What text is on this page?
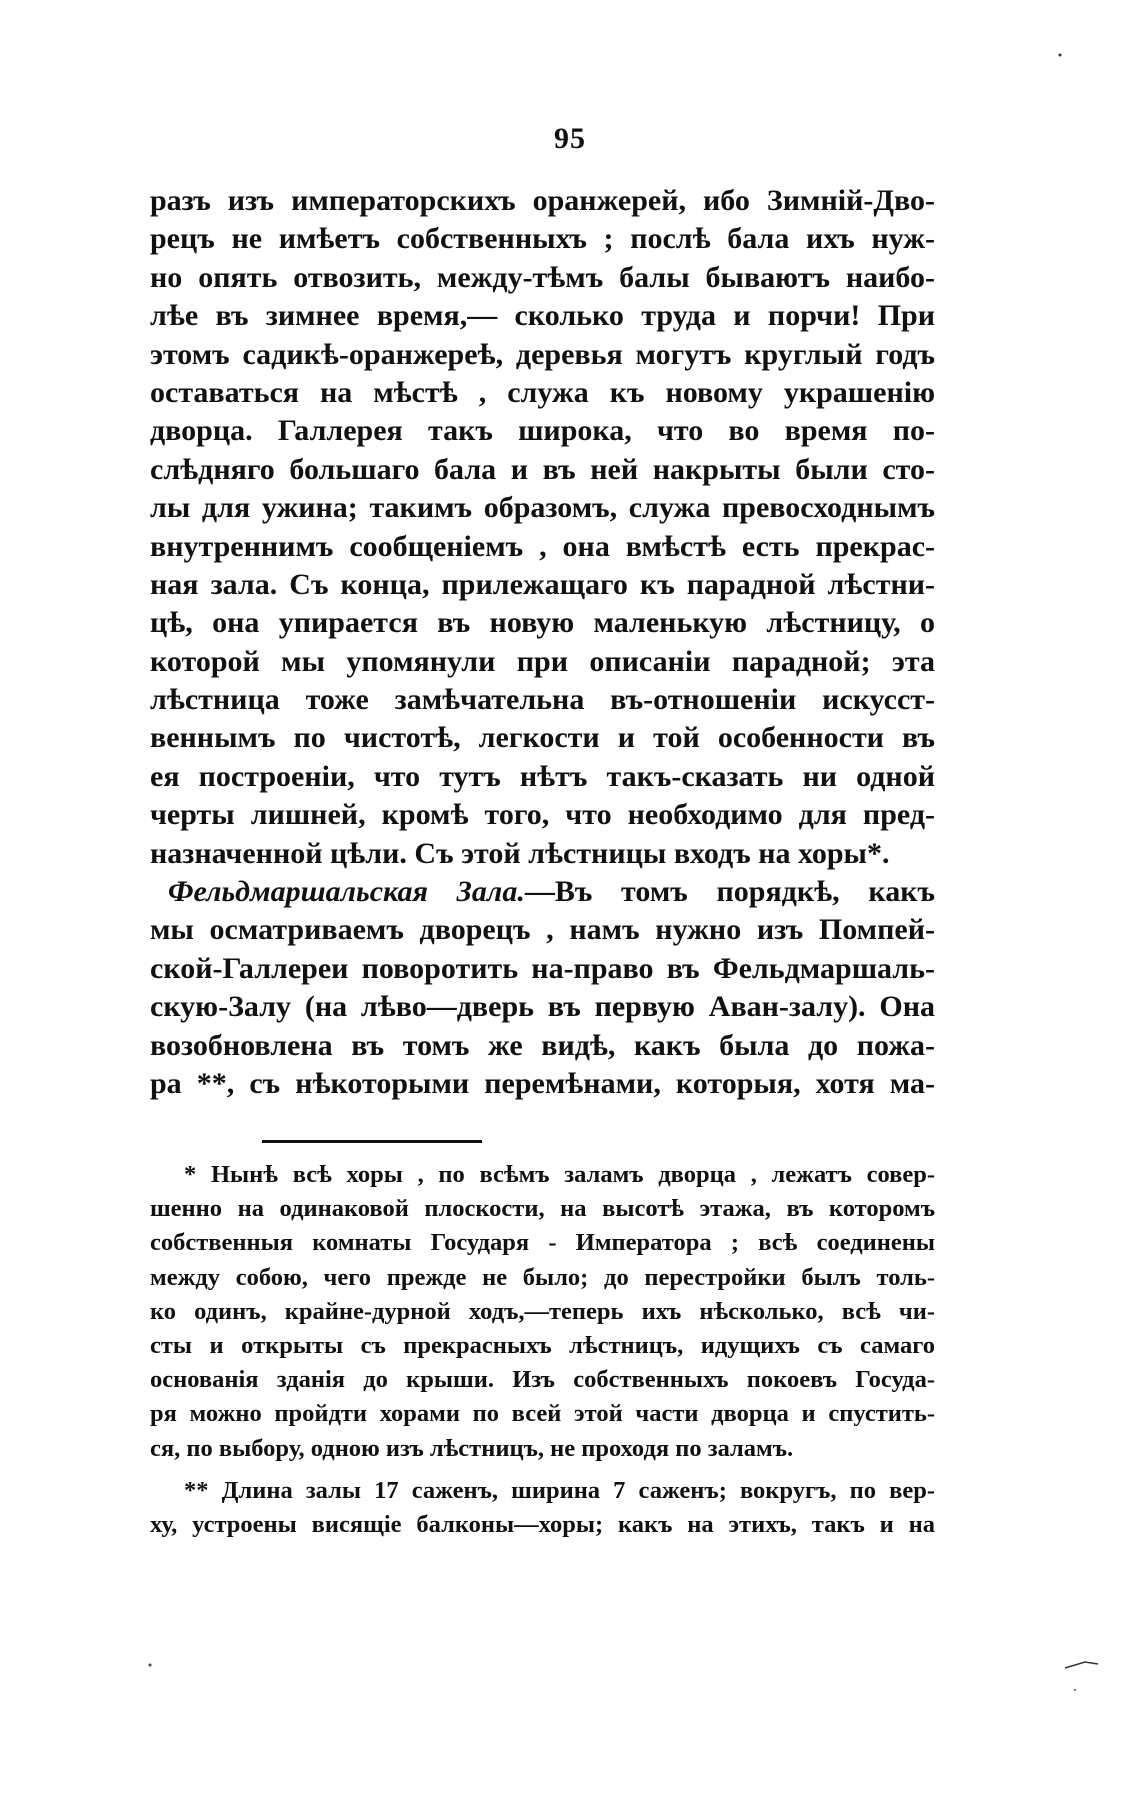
95
разъ изъ императорскихъ оранжерей, ибо Зимній-Дво-
рецъ не имѣетъ собственныхъ ; послѣ бала ихъ нуж-
но опять отвозить, между-тѣмъ балы бываютъ наибо-
лѣе въ зимнее время,— сколько труда и порчи! При
этомъ садикѣ-оранжереѣ, деревья могутъ круглый годъ
оставаться на мѣстѣ , служа къ новому украшенію
дворца. Галлерея такъ широка, что во время по-
слѣдняго большаго бала и въ ней накрыты были сто-
лы для ужина; такимъ образомъ, служа превосходнымъ
внутреннимъ сообщеніемъ , она вмѣстѣ есть прекрас-
ная зала. Съ конца, прилежащаго къ парадной лѣстни-
цѣ, она упирается въ новую маленькую лѣстницу, о
которой мы упомянули при описаніи парадной; эта
лѣстница тоже замѣчательна въ-отношеніи искусст-
веннымъ по чистотѣ, легкости и той особенности въ
ея построеніи, что тутъ нѣтъ такъ-сказать ни одной
черты лишней, кромѣ того, что необходимо для пред-
назначенной цѣли. Съ этой лѣстницы входъ на хоры*.
Фельдмаршальская Зала.—Въ томъ порядкѣ, какъ
мы осматриваемъ дворецъ , намъ нужно изъ Помпей-
ской-Галлереи поворотить на-право въ Фельдмаршаль-
скую-Залу (на лѣво—дверь въ первую Аван-залу). Она
возобновлена въ томъ же видѣ, какъ была до пожа-
ра **, съ нѣкоторыми перемѣнами, которыя, хотя ма-
* Нынѣ всѣ хоры , по всѣмъ заламъ дворца , лежатъ совер-
шенно на одинаковой плоскости, на высотѣ этажа, въ которомъ
собственныя комнаты Государя - Императора ; всѣ соединены
между собою, чего прежде не было; до перестройки былъ толь-
ко одинъ, крайне-дурной ходъ,—теперь ихъ нѣсколько, всѣ чи-
сты и открыты съ прекрасныхъ лѣстницъ, идущихъ съ самаго
основанія зданія до крыши. Изъ собственныхъ покоевъ Госуда-
ря можно пройдти хорами по всей этой части дворца и спустить-
ся, по выбору, одною изъ лѣстницъ, не проходя по заламъ.
** Длина залы 17 саженъ, ширина 7 саженъ; вокругъ, по вер-
ху, устроены висящіе балконы—хоры; какъ на этихъ, такъ и на
